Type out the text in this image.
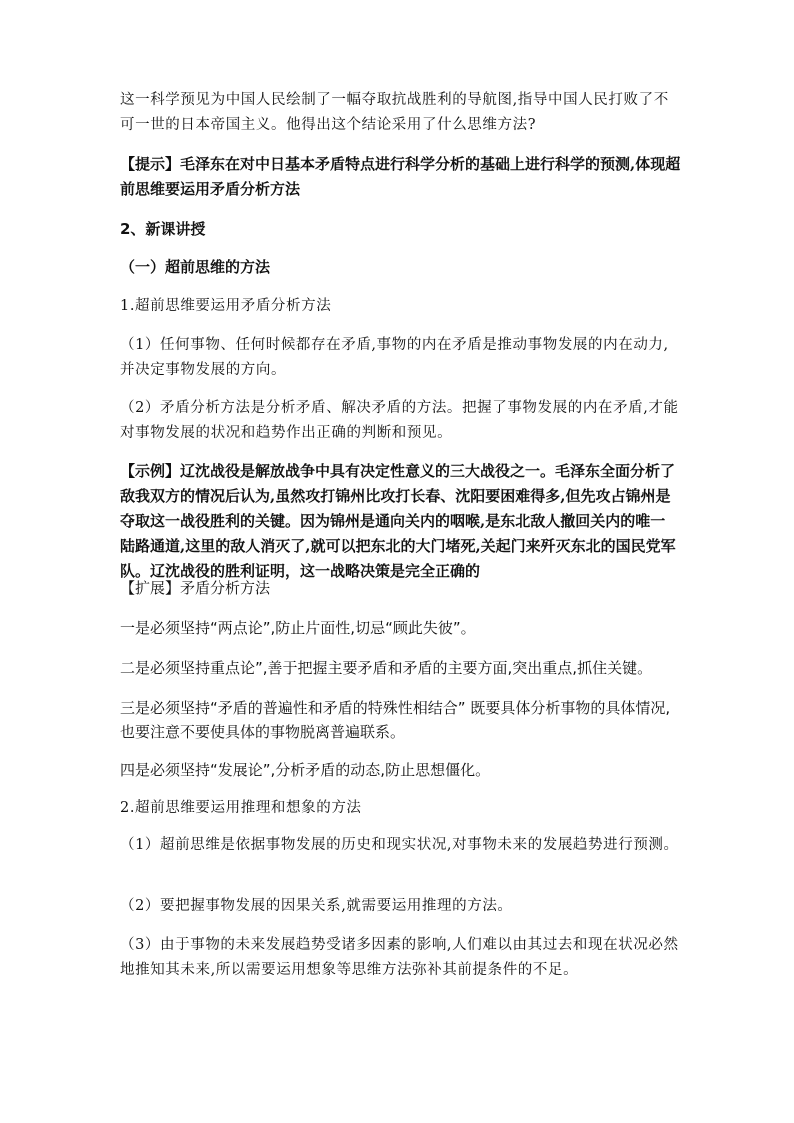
这一科学预见为中国人民绘制了一幅夺取抗战胜利的导航图,指导中国人民打败了不可一世的日本帝国主义。他得出这个结论采用了什么思维方法?

【提示】毛泽东在对中日基本矛盾特点进行科学分析的基础上进行科学的预测,体现超前思维要运用矛盾分析方法

2、新课讲授

（一）超前思维的方法

1.超前思维要运用矛盾分析方法

（1）任何事物、任何时候都存在矛盾,事物的内在矛盾是推动事物发展的内在动力,并决定事物发展的方向。

（2）矛盾分析方法是分析矛盾、解决矛盾的方法。把握了事物发展的内在矛盾,才能对事物发展的状况和趋势作出正确的判断和预见。

【示例】辽沈战役是解放战争中具有决定性意义的三大战役之一。毛泽东全面分析了敌我双方的情况后认为,虽然攻打锦州比攻打长春、沈阳要困难得多,但先攻占锦州是夺取这一战役胜利的关键。因为锦州是通向关内的咽喉,是东北敌人撤回关内的唯一陆路通道,这里的敌人消灭了,就可以把东北的大门堵死,关起门来歼灭东北的国民党军队。辽沈战役的胜利证明，这一战略决策是完全正确的

【扩展】矛盾分析方法

一是必须坚持“两点论”,防止片面性,切忌“顾此失彼”。

二是必须坚持重点论”,善于把握主要矛盾和矛盾的主要方面,突出重点,抓住关键。

三是必须坚持“矛盾的普遍性和矛盾的特殊性相结合” 既要具体分析事物的具体情况,也要注意不要使具体的事物脱离普遍联系。

四是必须坚持“发展论”,分析矛盾的动态,防止思想僵化。

2.超前思维要运用推理和想象的方法

（1）超前思维是依据事物发展的历史和现实状况,对事物未来的发展趋势进行预测。

（2）要把握事物发展的因果关系,就需要运用推理的方法。

（3）由于事物的未来发展趋势受诸多因素的影响,人们难以由其过去和现在状况必然地推知其未来,所以需要运用想象等思维方法弥补其前提条件的不足。
